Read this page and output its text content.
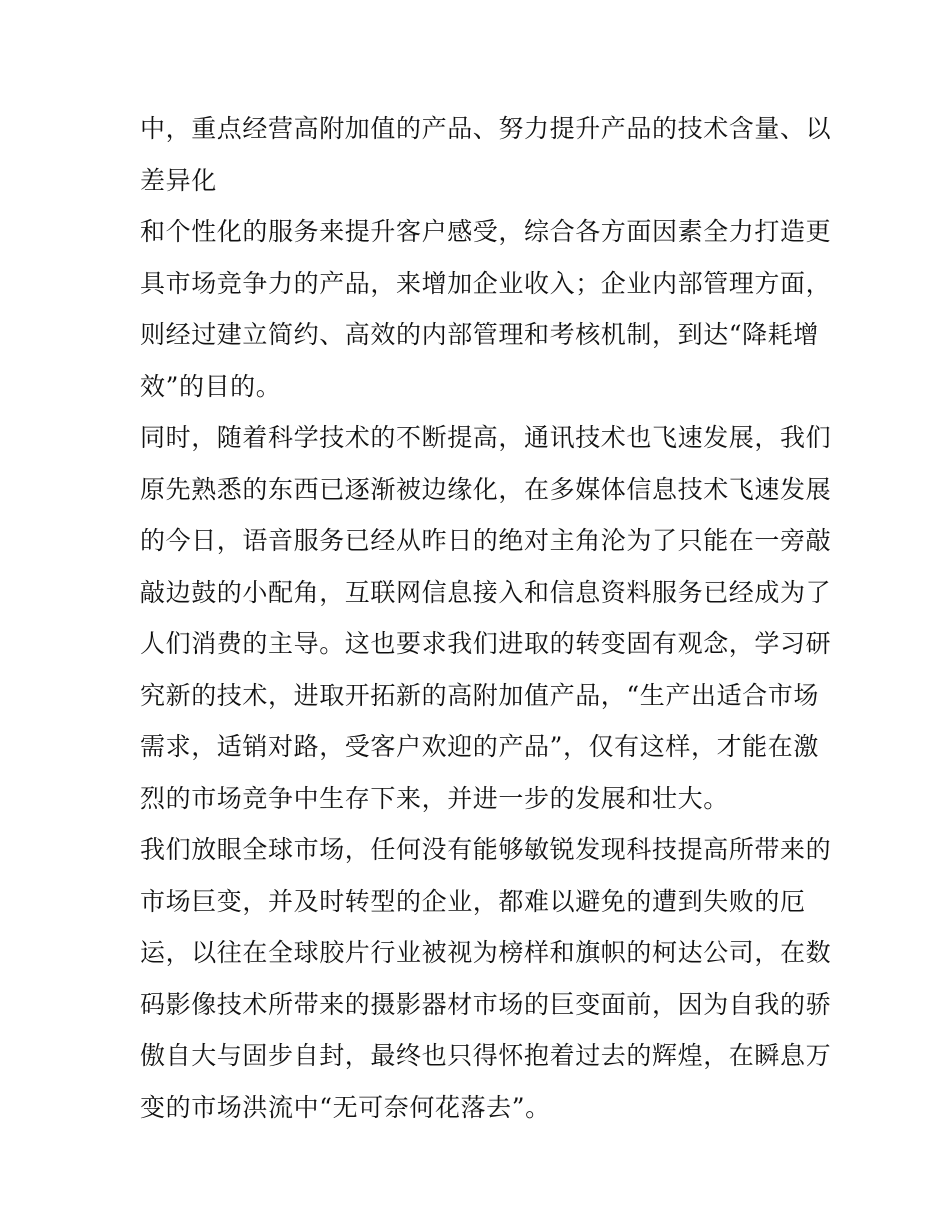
中，重点经营高附加值的产品、努力提升产品的技术含量、以
差异化
和个性化的服务来提升客户感受，综合各方面因素全力打造更
具市场竞争力的产品，来增加企业收入；企业内部管理方面，
则经过建立简约、高效的内部管理和考核机制，到达“降耗增
效”的目的。
同时，随着科学技术的不断提高，通讯技术也飞速发展，我们
原先熟悉的东西已逐渐被边缘化，在多媒体信息技术飞速发展
的今日，语音服务已经从昨日的绝对主角沦为了只能在一旁敲
敲边鼓的小配角，互联网信息接入和信息资料服务已经成为了
人们消费的主导。这也要求我们进取的转变固有观念，学习研
究新的技术，进取开拓新的高附加值产品，“生产出适合市场
需求，适销对路，受客户欢迎的产品”，仅有这样，才能在激
烈的市场竞争中生存下来，并进一步的发展和壮大。
我们放眼全球市场，任何没有能够敏锐发现科技提高所带来的
市场巨变，并及时转型的企业，都难以避免的遭到失败的厄
运，以往在全球胶片行业被视为榜样和旗帜的柯达公司，在数
码影像技术所带来的摄影器材市场的巨变面前，因为自我的骄
傲自大与固步自封，最终也只得怀抱着过去的辉煌，在瞬息万
变的市场洪流中“无可奈何花落去”。
